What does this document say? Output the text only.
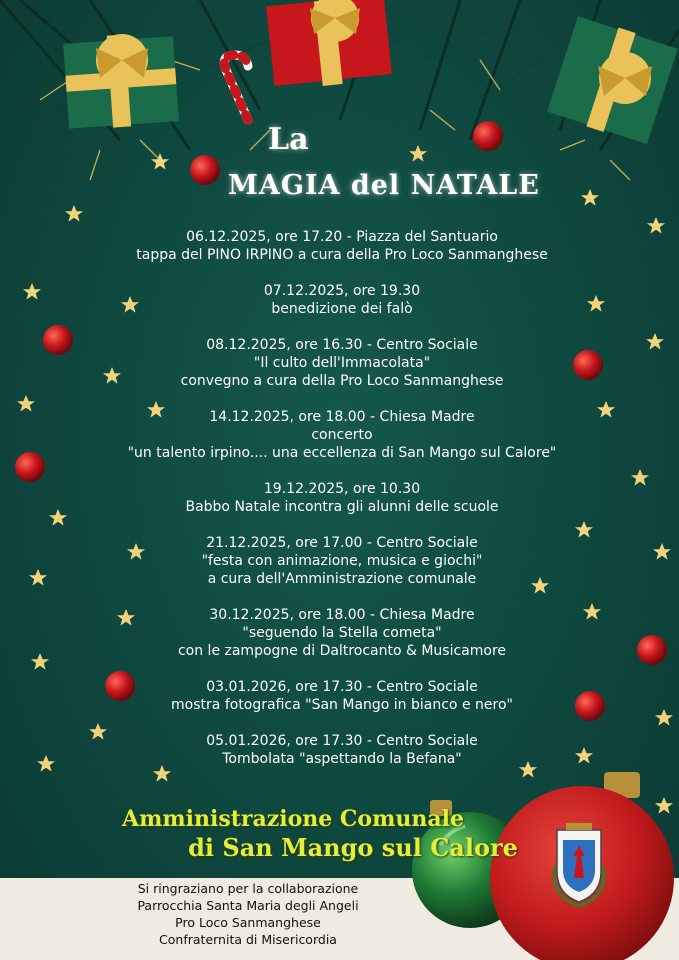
La
MAGIA del NATALE
06.12.2025, ore 17.20 - Piazza del Santuario
tappa del PINO IRPINO a cura della Pro Loco Sanmanghese
07.12.2025, ore 19.30
benedizione dei falò
08.12.2025, ore 16.30 - Centro Sociale
"Il culto dell'Immacolata"
convegno a cura della Pro Loco Sanmanghese
14.12.2025, ore 18.00 - Chiesa Madre
concerto
"un talento irpino.... una eccellenza di San Mango sul Calore"
19.12.2025, ore 10.30
Babbo Natale incontra gli alunni delle scuole
21.12.2025, ore 17.00 - Centro Sociale
"festa con animazione, musica e giochi"
a cura dell'Amministrazione comunale
30.12.2025, ore 18.00 - Chiesa Madre
"seguendo la Stella cometa"
con le zampogne di Daltrocanto & Musicamore
03.01.2026, ore 17.30 - Centro Sociale
mostra fotografica "San Mango in bianco e nero"
05.01.2026, ore 17.30 - Centro Sociale
Tombolata "aspettando la Befana"
Amministrazione Comunale
di San Mango sul Calore
Si ringraziano per la collaborazione
Parrocchia Santa Maria degli Angeli
Pro Loco Sanmanghese
Confraternita di Misericordia
